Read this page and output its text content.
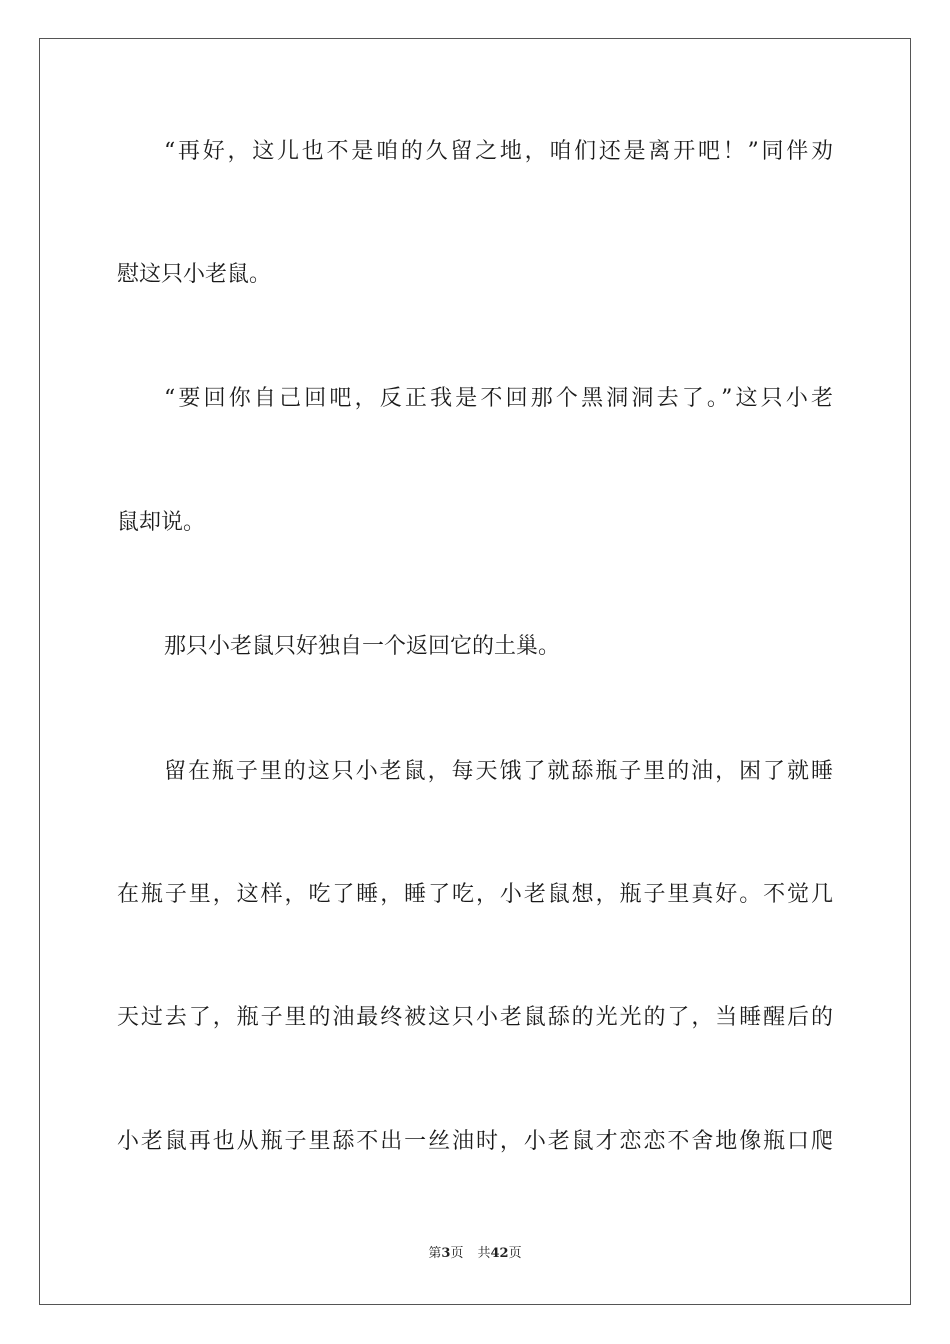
“再好，这儿也不是咱的久留之地，咱们还是离开吧！”同伴劝
慰这只小老鼠。
“要回你自己回吧，反正我是不回那个黑洞洞去了。”这只小老
鼠却说。
那只小老鼠只好独自一个返回它的土巢。
留在瓶子里的这只小老鼠，每天饿了就舔瓶子里的油，困了就睡
在瓶子里，这样，吃了睡，睡了吃，小老鼠想，瓶子里真好。不觉几
天过去了，瓶子里的油最终被这只小老鼠舔的光光的了，当睡醒后的
小老鼠再也从瓶子里舔不出一丝油时，小老鼠才恋恋不舍地像瓶口爬
第3页 共42页
